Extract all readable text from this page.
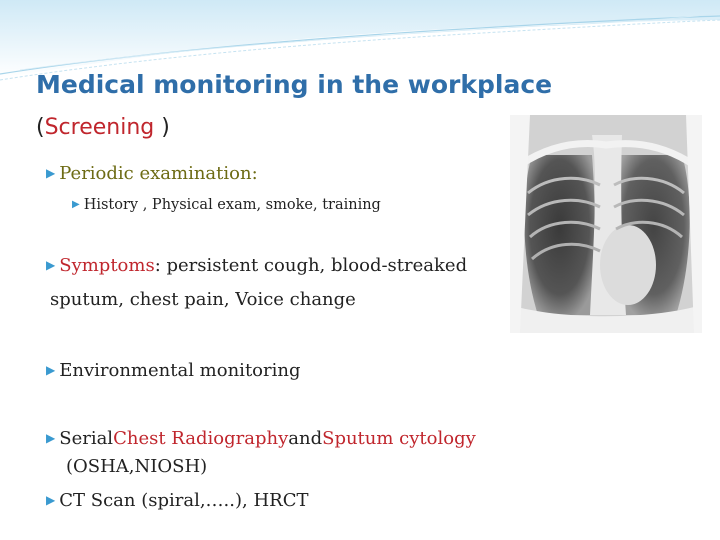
Medical monitoring in the workplace
(Screening )
▶ Periodic examination :
▶ History , Physical exam, smoke, training
▶ Symptoms : persistent cough, blood-streaked
sputum, chest pain, Voice change
▶ Environmental monitoring
▶ Serial Chest Radiography and Sputum cytology
(OSHA,NIOSH)
▶ CT Scan (spiral,…..), HRCT
